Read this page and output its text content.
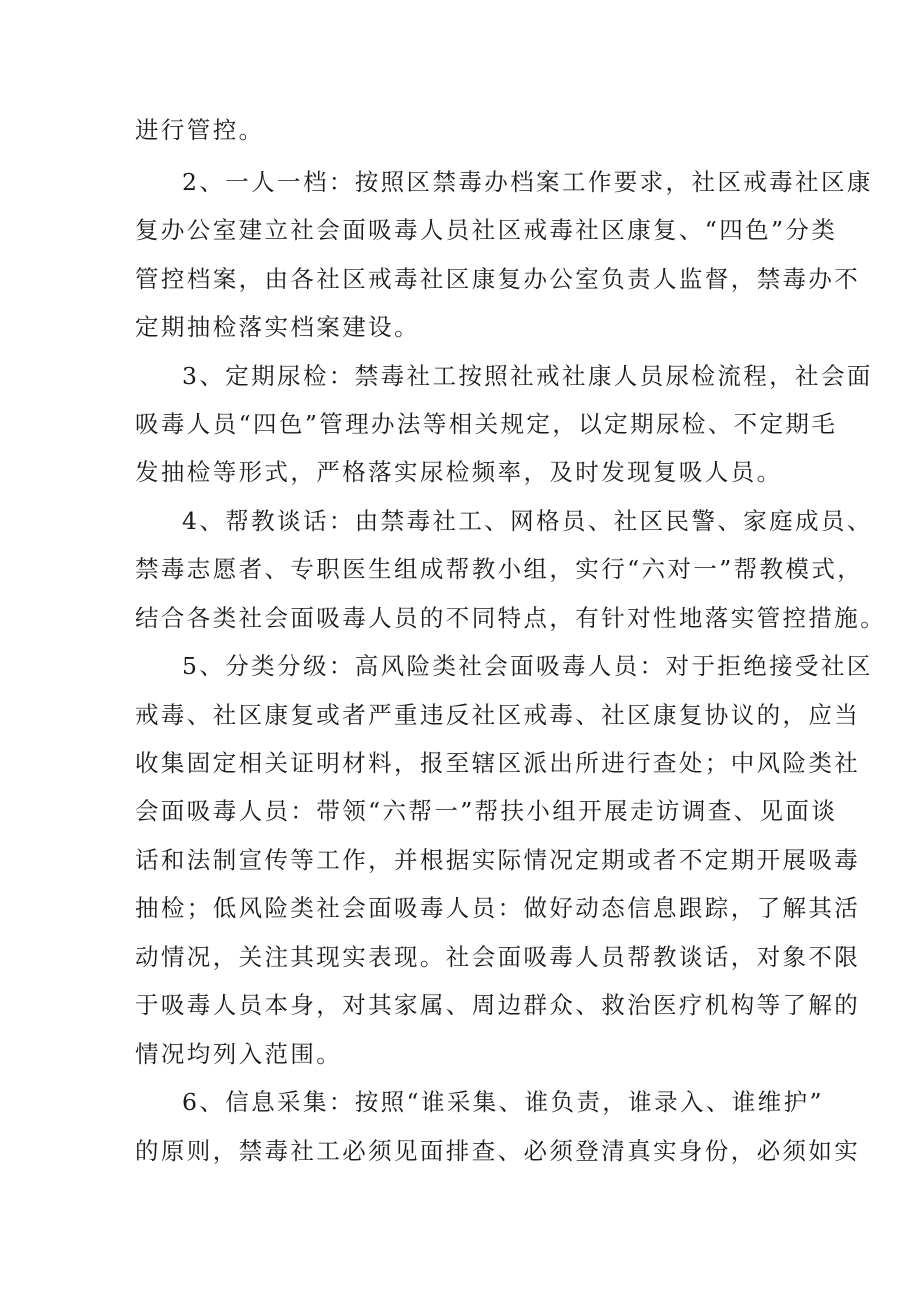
进行管控。
2、一人一档：按照区禁毒办档案工作要求，社区戒毒社区康
复办公室建立社会面吸毒人员社区戒毒社区康复、“四色”分类
管控档案，由各社区戒毒社区康复办公室负责人监督，禁毒办不
定期抽检落实档案建设。
3、定期尿检：禁毒社工按照社戒社康人员尿检流程，社会面
吸毒人员“四色”管理办法等相关规定，以定期尿检、不定期毛
发抽检等形式，严格落实尿检频率，及时发现复吸人员。
4、帮教谈话：由禁毒社工、网格员、社区民警、家庭成员、
禁毒志愿者、专职医生组成帮教小组，实行“六对一”帮教模式，
结合各类社会面吸毒人员的不同特点，有针对性地落实管控措施。
5、分类分级：高风险类社会面吸毒人员：对于拒绝接受社区
戒毒、社区康复或者严重违反社区戒毒、社区康复协议的，应当
收集固定相关证明材料，报至辖区派出所进行查处；中风险类社
会面吸毒人员：带领“六帮一”帮扶小组开展走访调查、见面谈
话和法制宣传等工作，并根据实际情况定期或者不定期开展吸毒
抽检；低风险类社会面吸毒人员：做好动态信息跟踪，了解其活
动情况，关注其现实表现。社会面吸毒人员帮教谈话，对象不限
于吸毒人员本身，对其家属、周边群众、救治医疗机构等了解的
情况均列入范围。
6、信息采集：按照“谁采集、谁负责，谁录入、谁维护”
的原则，禁毒社工必须见面排查、必须登清真实身份，必须如实
